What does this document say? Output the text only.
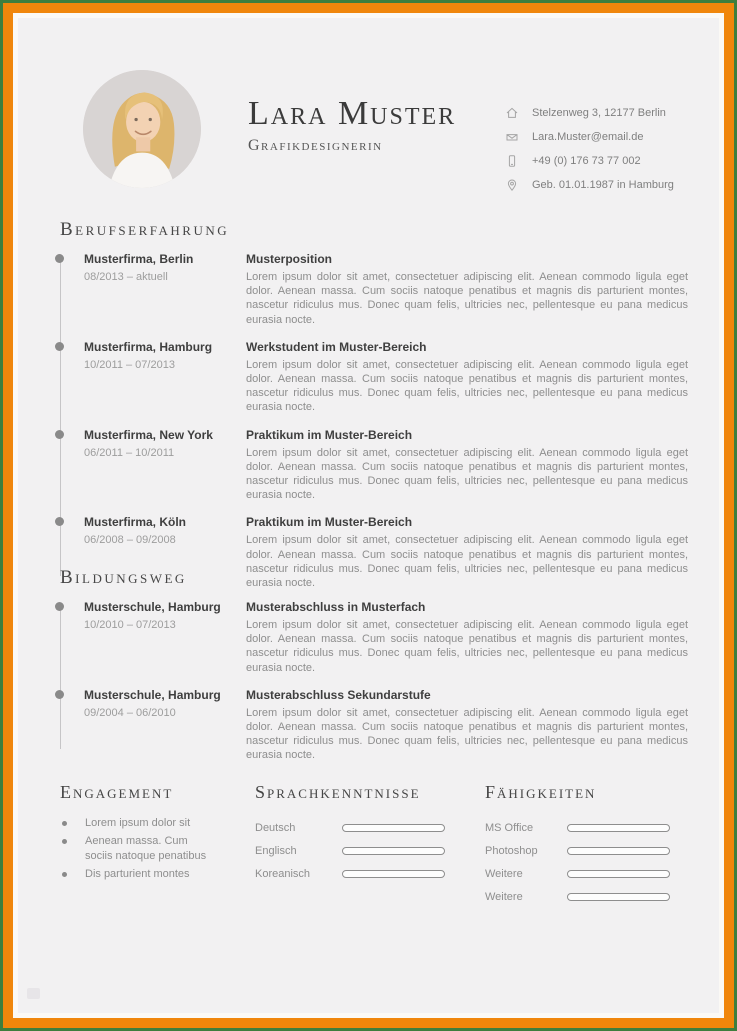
Lara Muster
Grafikdesignerin
Stelzenweg 3, 12177 Berlin
Lara.Muster@email.de
+49 (0) 176 73 77 002
Geb. 01.01.1987 in Hamburg
Berufserfahrung
Musterfirma, Berlin
08/2013 – aktuell
Musterposition

Lorem ipsum dolor sit amet, consectetuer adipiscing elit. Aenean commodo ligula eget dolor. Aenean massa. Cum sociis natoque penatibus et magnis dis parturient montes, nascetur ridiculus mus. Donec quam felis, ultricies nec, pellentesque eu pana medicus eurasia nocte.

Musterfirma, Hamburg
10/2011 – 07/2013
Werkstudent im Muster-Bereich

Lorem ipsum dolor sit amet, consectetuer adipiscing elit. Aenean commodo ligula eget dolor. Aenean massa. Cum sociis natoque penatibus et magnis dis parturient montes, nascetur ridiculus mus. Donec quam felis, ultricies nec, pellentesque eu pana medicus eurasia nocte.

Musterfirma, New York
06/2011 – 10/2011
Praktikum im Muster-Bereich

Lorem ipsum dolor sit amet, consectetuer adipiscing elit. Aenean commodo ligula eget dolor. Aenean massa. Cum sociis natoque penatibus et magnis dis parturient montes, nascetur ridiculus mus. Donec quam felis, ultricies nec, pellentesque eu pana medicus eurasia nocte.

Musterfirma, Köln
06/2008 – 09/2008
Praktikum im Muster-Bereich

Lorem ipsum dolor sit amet, consectetuer adipiscing elit. Aenean commodo ligula eget dolor. Aenean massa. Cum sociis natoque penatibus et magnis dis parturient montes, nascetur ridiculus mus. Donec quam felis, ultricies nec, pellentesque eu pana medicus eurasia nocte.

Bildungsweg
Musterschule, Hamburg
10/2010 – 07/2013
Musterabschluss in Musterfach

Lorem ipsum dolor sit amet, consectetuer adipiscing elit. Aenean commodo ligula eget dolor. Aenean massa. Cum sociis natoque penatibus et magnis dis parturient montes, nascetur ridiculus mus. Donec quam felis, ultricies nec, pellentesque eu pana medicus eurasia nocte.

Musterschule, Hamburg
09/2004 – 06/2010
Musterabschluss Sekundarstufe

Lorem ipsum dolor sit amet, consectetuer adipiscing elit. Aenean commodo ligula eget dolor. Aenean massa. Cum sociis natoque penatibus et magnis dis parturient montes, nascetur ridiculus mus. Donec quam felis, ultricies nec, pellentesque eu pana medicus eurasia nocte.

Engagement
Lorem ipsum dolor sit
Aenean massa. Cum sociis natoque penatibus
Dis parturient montes
Sprachkenntnisse
Deutsch
Englisch
Koreanisch
Fähigkeiten
MS Office
Photoshop
Weitere
Weitere
